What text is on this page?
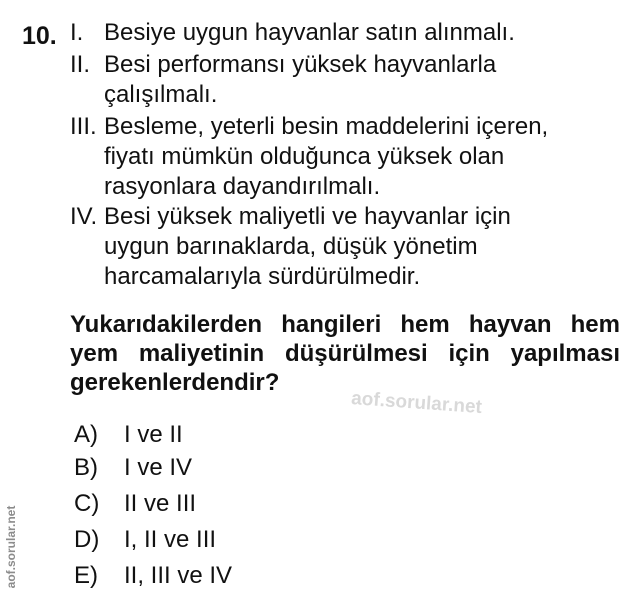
10. I. Besiye uygun hayvanlar satın alınmalı.
II. Besi performansı yüksek hayvanlarla
çalışılmalı.
III. Besleme, yeterli besin maddelerini içeren,
fiyatı mümkün olduğunca yüksek olan
rasyonlara dayandırılmalı.
IV. Besi yüksek maliyetli ve hayvanlar için
uygun barınaklarda, düşük yönetim
harcamalarıyla sürdürülmedir.
Yukarıdakilerden hangileri hem hayvan hem
yem maliyetinin düşürülmesi için yapılması
gerekenlerdendir?
A) I ve II
B) I ve IV
C) II ve III
D) I, II ve III
E) II, III ve IV
aof.sorular.net
aof.sorular.net
